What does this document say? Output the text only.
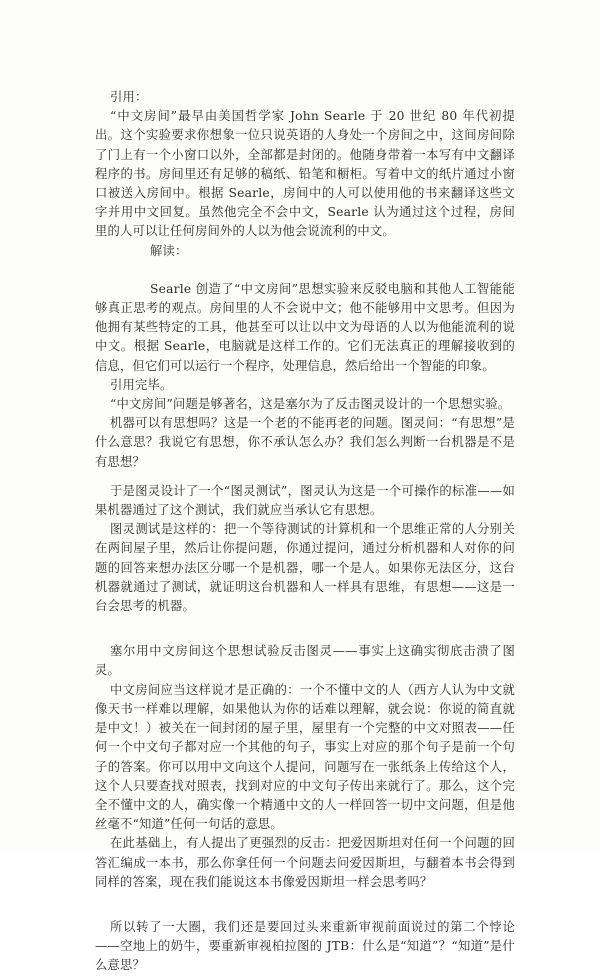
引用：

“中文房间”最早由美国哲学家 John Searle 于 20 世纪 80 年代初提出。这个实验要求你想象一位只说英语的人身处一个房间之中，这间房间除了门上有一个小窗口以外，全部都是封闭的。他随身带着一本写有中文翻译程序的书。房间里还有足够的稿纸、铅笔和橱柜。写着中文的纸片通过小窗口被送入房间中。根据 Searle，房间中的人可以使用他的书来翻译这些文字并用中文回复。虽然他完全不会中文，Searle 认为通过这个过程，房间里的人可以让任何房间外的人以为他会说流利的中文。

解读：

Searle 创造了“中文房间”思想实验来反驳电脑和其他人工智能能够真正思考的观点。房间里的人不会说中文；他不能够用中文思考。但因为他拥有某些特定的工具，他甚至可以让以中文为母语的人以为他能流利的说中文。根据 Searle，电脑就是这样工作的。它们无法真正的理解接收到的信息，但它们可以运行一个程序，处理信息，然后给出一个智能的印象。

引用完毕。

“中文房间”问题是够著名，这是塞尔为了反击图灵设计的一个思想实验。

机器可以有思想吗？这是一个老的不能再老的问题。图灵问：“有思想”是什么意思？我说它有思想，你不承认怎么办？我们怎么判断一台机器是不是有思想？

于是图灵设计了一个“图灵测试”，图灵认为这是一个可操作的标准——如果机器通过了这个测试，我们就应当承认它有思想。

图灵测试是这样的：把一个等待测试的计算机和一个思维正常的人分别关在两间屋子里，然后让你提问题，你通过提问，通过分析机器和人对你的问题的回答来想办法区分哪一个是机器，哪一个是人。如果你无法区分，这台机器就通过了测试，就证明这台机器和人一样具有思维，有思想——这是一台会思考的机器。

塞尔用中文房间这个思想试验反击图灵——事实上这确实彻底击溃了图灵。

中文房间应当这样说才是正确的：一个不懂中文的人（西方人认为中文就像天书一样难以理解，如果他认为你的话难以理解，就会说：你说的简直就是中文！）被关在一间封闭的屋子里，屋里有一个完整的中文对照表——任何一个中文句子都对应一个其他的句子，事实上对应的那个句子是前一个句子的答案。你可以用中文向这个人提问，问题写在一张纸条上传给这个人，这个人只要查找对照表，找到对应的中文句子传出来就行了。那么，这个完全不懂中文的人，确实像一个精通中文的人一样回答一切中文问题，但是他丝毫不“知道”任何一句话的意思。

在此基础上，有人提出了更强烈的反击：把爱因斯坦对任何一个问题的回答汇编成一本书，那么你拿任何一个问题去问爱因斯坦，与翻着本书会得到同样的答案，现在我们能说这本书像爱因斯坦一样会思考吗？

所以转了一大圈，我们还是要回过头来重新审视前面说过的第二个悖论——空地上的奶牛，要重新审视柏拉图的 JTB：什么是“知道”？“知道”是什么意思？
